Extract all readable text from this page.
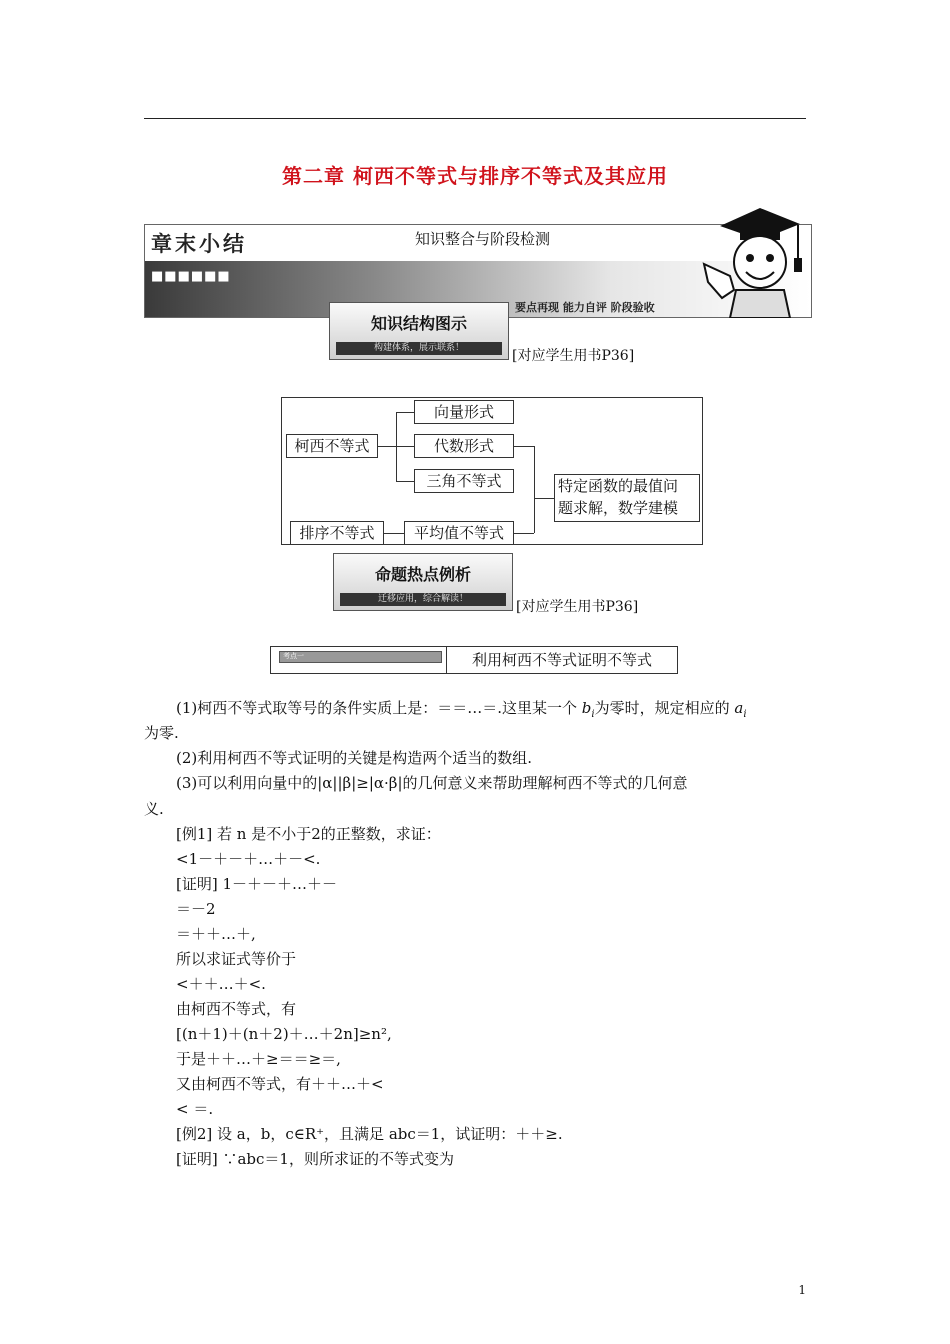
第二章 柯西不等式与排序不等式及其应用
章末小结	知识整合与阶段检测
■■■■■■
要点再现 能力自评 阶段验收
知识结构图示
构建体系，展示联系！	[对应学生用书P36]
柯西不等式
向量形式
代数形式
三角不等式	特定函数的最值问
题求解，数学建模
排序不等式	平均值不等式
命题热点例析
迁移应用，综合解读！	[对应学生用书P36]
考点一	利用柯西不等式证明不等式
(1)柯西不等式取等号的条件实质上是：＝＝…＝.这里某一个 $b_i$为零时，规定相应的 $a_i$
为零.
(2)利用柯西不等式证明的关键是构造两个适当的数组.
(3)可以利用向量中的|α||β|≥|α·β|的几何意义来帮助理解柯西不等式的几何意
义.
[例1] 若 n 是不小于2的正整数，求证：
<1－＋－＋…＋－<.
[证明] 1－＋－＋…＋－
＝－2
＝＋＋…＋,
所以求证式等价于
<＋＋…＋<.
由柯西不等式，有
[(n＋1)＋(n＋2)＋…＋2n]≥n²,
于是＋＋…＋≥＝＝≥＝,
又由柯西不等式，有＋＋…＋<
< ＝.
[例2] 设 a，b，c∈R⁺，且满足 abc＝1，试证明：＋＋≥.
[证明] ∵abc＝1，则所求证的不等式变为
1
